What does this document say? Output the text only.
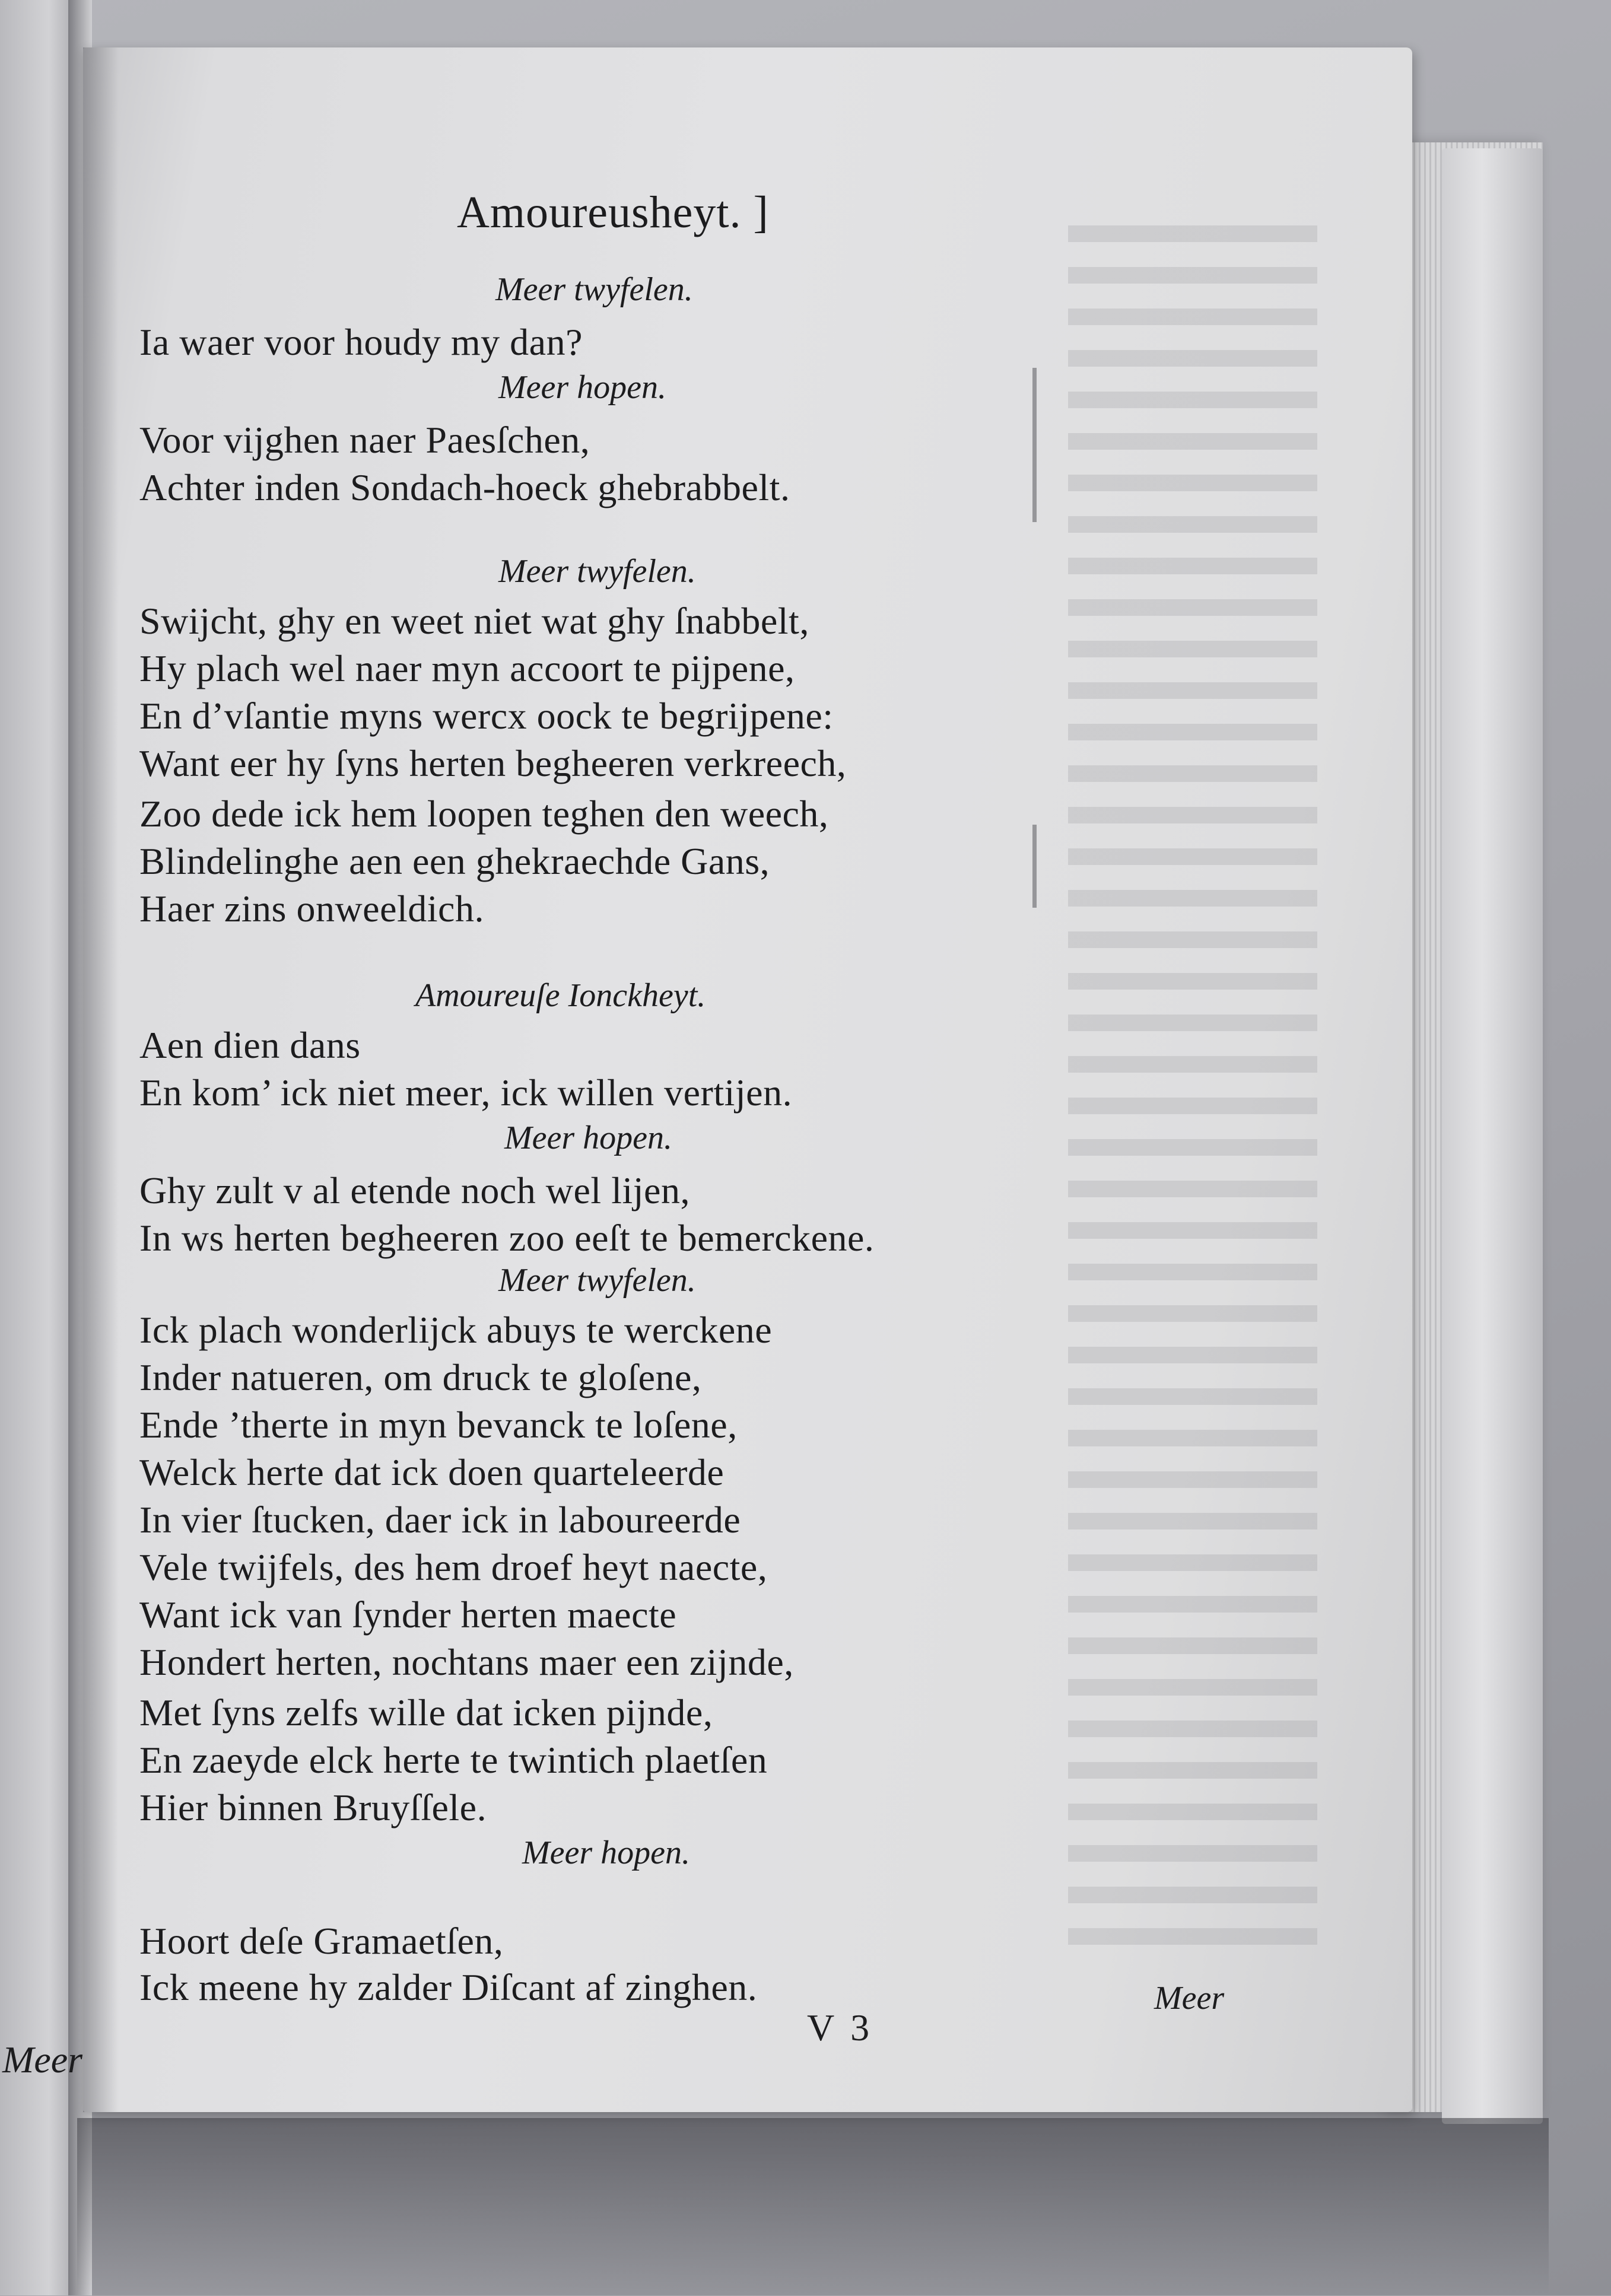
Meer
Amoureusheyt. ]
Meer twyfelen.
Ia waer voor houdy my dan?
Meer hopen.
Voor vijghen naer Paesſchen,
Achter inden Sondach-hoeck ghebrabbelt.
Meer twyfelen.
Swijcht, ghy en weet niet wat ghy ſnabbelt,
Hy plach wel naer myn accoort te pijpene,
En d’vſantie myns wercx oock te begrijpene:
Want eer hy ſyns herten begheeren verkreech,
Zoo dede ick hem loopen teghen den weech,
Blindelinghe aen een ghekraechde Gans,
Haer zins onweeldich.
Amoureuſe Ionckheyt.
Aen dien dans
En kom’ ick niet meer, ick willen vertijen.
Meer hopen.
Ghy zult v al etende noch wel lijen,
In ws herten begheeren zoo eeſt te bemerckene.
Meer twyfelen.
Ick plach wonderlijck abuys te werckene
Inder natueren, om druck te gloſene,
Ende ’therte in myn bevanck te loſene,
Welck herte dat ick doen quarteleerde
In vier ſtucken, daer ick in laboureerde
Vele twijfels, des hem droef heyt naecte,
Want ick van ſynder herten maecte
Hondert herten, nochtans maer een zijnde,
Met ſyns zelfs wille dat icken pijnde,
En zaeyde elck herte te twintich plaetſen
Hier binnen Bruyſſele.
Meer hopen.
Hoort deſe Gramaetſen,
Ick meene hy zalder Diſcant af zinghen.
V 3
Meer
